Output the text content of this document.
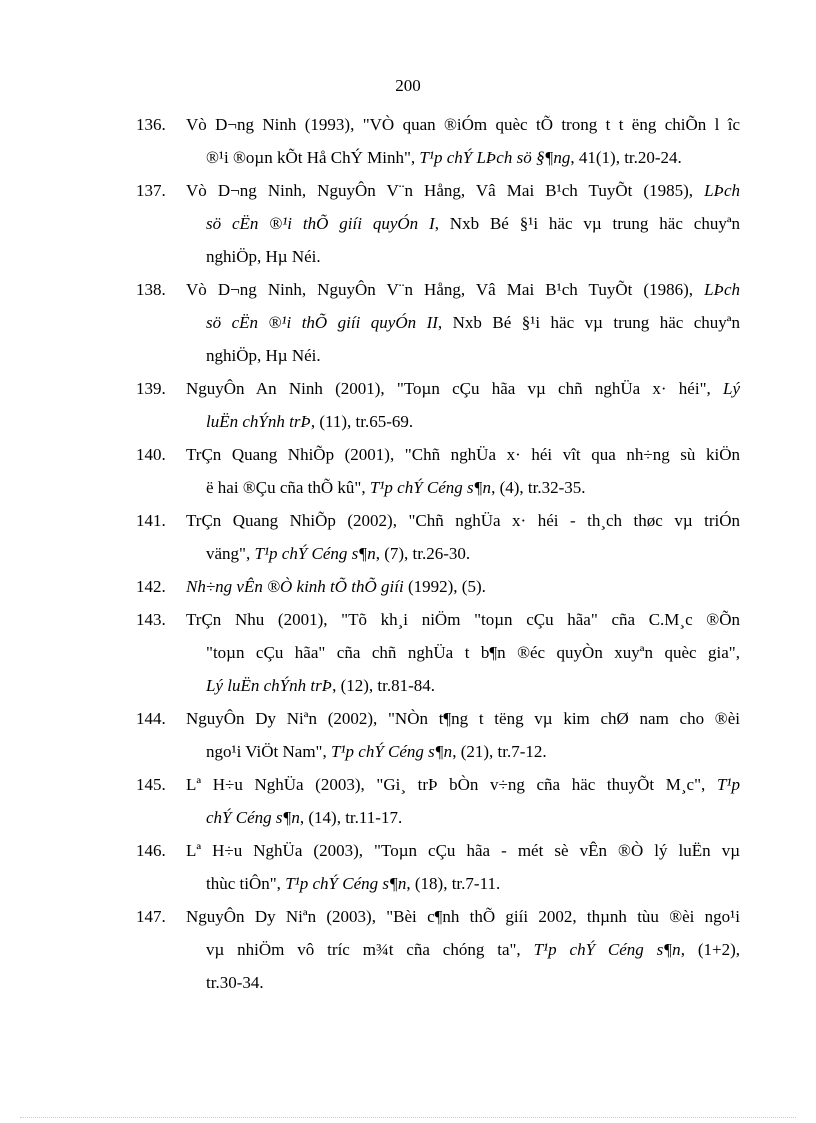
200
136.	Vò D¬ng Ninh (1993), "VÒ quan ®iÓm quèc tÕ trong t t ëng chiÕn l îc
®¹i ®oµn kÕt Hå ChÝ Minh", T¹p chÝ LÞch sö §¶ng, 41(1), tr.20-24.
137.	Vò D¬ng Ninh, NguyÔn V¨n Hång, Vâ Mai B¹ch TuyÕt (1985), LÞch
sö cËn ®¹i thÕ giíi quyÓn I, Nxb Bé §¹i häc vµ trung häc chuyªn
nghiÖp, Hµ Néi.
138.	Vò D¬ng Ninh, NguyÔn V¨n Hång, Vâ Mai B¹ch TuyÕt (1986), LÞch
sö cËn ®¹i thÕ giíi quyÓn II, Nxb Bé §¹i häc vµ trung häc chuyªn
nghiÖp, Hµ Néi.
139.	NguyÔn An Ninh (2001), "Toµn cÇu hãa vµ chñ nghÜa x· héi", Lý
luËn chÝnh trÞ, (11), tr.65-69.
140.	TrÇn Quang NhiÕp (2001), "Chñ nghÜa x· héi vît qua nh÷ng sù kiÖn
ë hai ®Çu cña thÕ kû", T¹p chÝ Céng s¶n, (4), tr.32-35.
141.	TrÇn Quang NhiÕp (2002), "Chñ nghÜa x· héi - th¸ch thøc vµ triÓn
väng", T¹p chÝ Céng s¶n, (7), tr.26-30.
142.	Nh÷ng vÊn ®Ò kinh tÕ thÕ giíi (1992), (5).
143.	TrÇn Nhu (2001), "Tõ kh¸i niÖm "toµn cÇu hãa" cña C.M¸c ®Õn
"toµn cÇu hãa" cña chñ nghÜa t b¶n ®éc quyÒn xuyªn quèc gia",
Lý luËn chÝnh trÞ, (12), tr.81-84.
144.	NguyÔn Dy Niªn (2002), "NÒn t¶ng t tëng vµ kim chØ nam cho ®èi
ngo¹i ViÖt Nam", T¹p chÝ Céng s¶n, (21), tr.7-12.
145.	Lª H÷u NghÜa (2003), "Gi¸ trÞ bÒn v÷ng cña häc thuyÕt M¸c", T¹p
chÝ Céng s¶n, (14), tr.11-17.
146.	Lª H÷u NghÜa (2003), "Toµn cÇu hãa - mét sè vÊn ®Ò lý luËn vµ
thùc tiÔn", T¹p chÝ Céng s¶n, (18), tr.7-11.
147.	NguyÔn Dy Niªn (2003), "Bèi c¶nh thÕ giíi 2002, thµnh tùu ®èi ngo¹i
vµ nhiÖm vô tríc m¾t cña chóng ta", T¹p chÝ Céng s¶n, (1+2),
tr.30-34.
